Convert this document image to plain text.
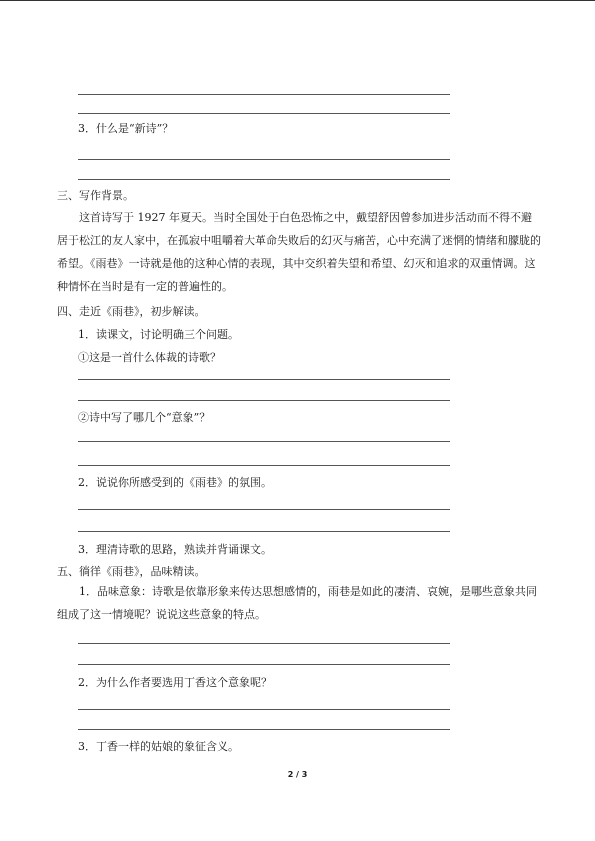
3．什么是“新诗”？
三、写作背景。
这首诗写于 1927 年夏天。当时全国处于白色恐怖之中，戴望舒因曾参加进步活动而不得不避居于松江的友人家中，在孤寂中咀嚼着大革命失败后的幻灭与痛苦，心中充满了迷惘的情绪和朦胧的希望。《雨巷》一诗就是他的这种心情的表现，其中交织着失望和希望、幻灭和追求的双重情调。这种情怀在当时是有一定的普遍性的。
四、走近《雨巷》，初步解读。
1．读课文，讨论明确三个问题。
①这是一首什么体裁的诗歌？
②诗中写了哪几个“意象”？
2．说说你所感受到的《雨巷》的氛围。
3．理清诗歌的思路，熟读并背诵课文。
五、徜徉《雨巷》，品味精读。
1．品味意象：诗歌是依靠形象来传达思想感情的，雨巷是如此的凄清、哀婉，是哪些意象共同组成了这一情境呢？说说这些意象的特点。
2．为什么作者要选用丁香这个意象呢？
3．丁香一样的姑娘的象征含义。
2 / 3
